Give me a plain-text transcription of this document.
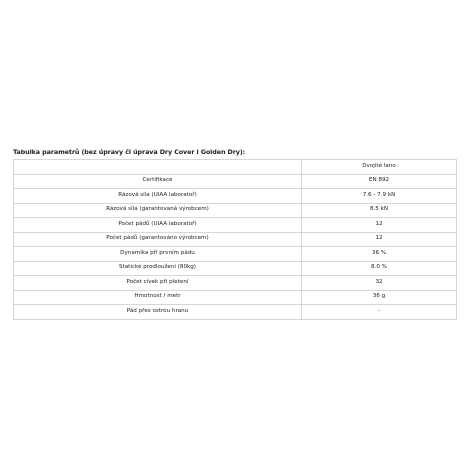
Tabulka parametrů (bez úpravy či úprava Dry Cover i Golden Dry):
	Dvojité lano
Certifikace	EN 892
Rázová síla (UIAA laboratoř)	7.6 - 7.9 kN
Rázová síla (garantovaná výrobcem)	8.5 kN
Počet pádů (UIAA laboratoř)	12
Počet pádů (garantováno výrobcem)	12
Dynamika při prvním pádu	36 %
Statické prodloužení (80kg)	8.0 %
Počet cívek při pletení	32
Hmotnost / metr	36 g
Pád přes ostrou hranu	-
